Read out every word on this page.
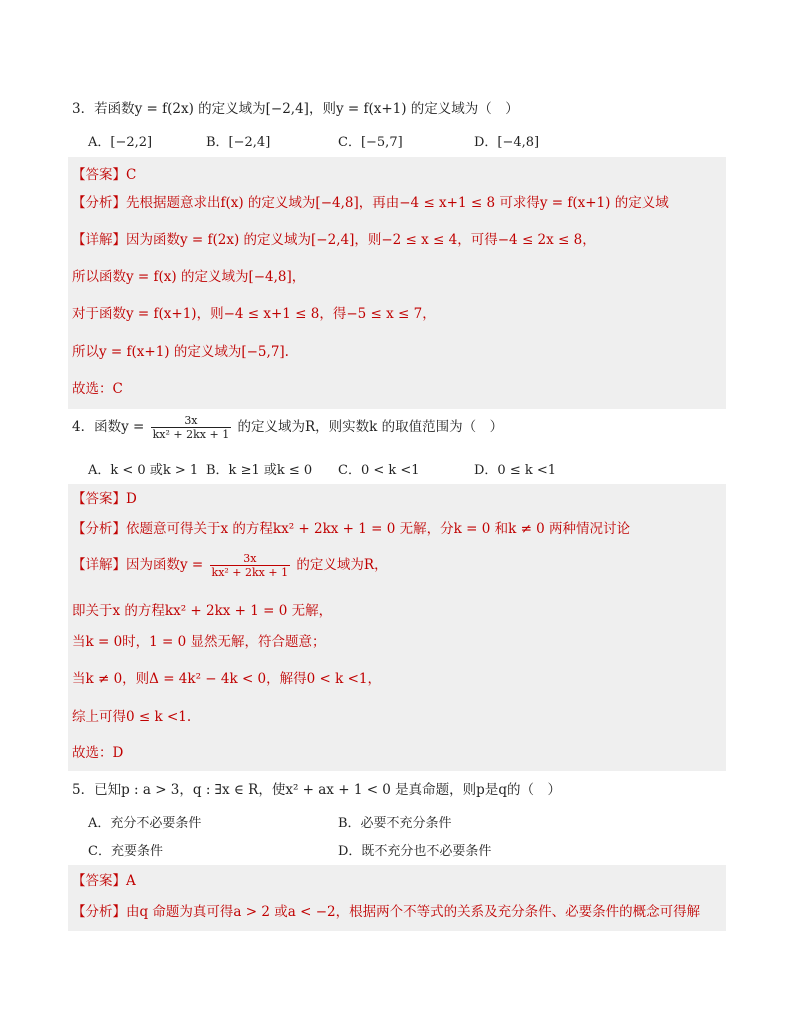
3．若函数y = f(2x) 的定义域为[−2,4]，则y = f(x+1) 的定义域为（　）
A．[−2,2]	B．[−2,4]	C．[−5,7]	D．[−4,8]
【答案】C
【分析】先根据题意求出f(x) 的定义域为[−4,8]，再由−4 ≤ x+1 ≤ 8 可求得y = f(x+1) 的定义域
【详解】因为函数y = f(2x) 的定义域为[−2,4]，则−2 ≤ x ≤ 4，可得−4 ≤ 2x ≤ 8，
所以函数y = f(x) 的定义域为[−4,8]，
对于函数y = f(x+1)，则−4 ≤ x+1 ≤ 8，得−5 ≤ x ≤ 7，
所以y = f(x+1) 的定义域为[−5,7].
故选：C
4．函数$y = \frac{3x}{\text{kx² + 2kx + 1}}$ 的定义域为R，则实数k 的取值范围为（　）
A．k < 0 或k > 1 B．k ≥1 或k ≤ 0 C．0 < k <1	D．0 ≤ k <1
【答案】D
【分析】依题意可得关于x 的方程kx² + 2kx + 1 = 0 无解，分k = 0 和k ≠ 0 两种情况讨论
【详解】因为函数$y = \frac{3x}{\text{kx² + 2kx + 1}}$ 的定义域为R，
即关于x 的方程kx² + 2kx + 1 = 0 无解，
当k = 0时，1 = 0 显然无解，符合题意；
当k ≠ 0，则Δ = 4k² − 4k < 0，解得0 < k <1，
综上可得0 ≤ k <1.
故选：D
5．已知p : a > 3，q : ∃x ∈ R，使x² + ax + 1 < 0 是真命题，则p是q的（　）
A．充分不必要条件	B．必要不充分条件
C．充要条件	D．既不充分也不必要条件
【答案】A
【分析】由q 命题为真可得a > 2 或a < −2，根据两个不等式的关系及充分条件、必要条件的概念可得解
